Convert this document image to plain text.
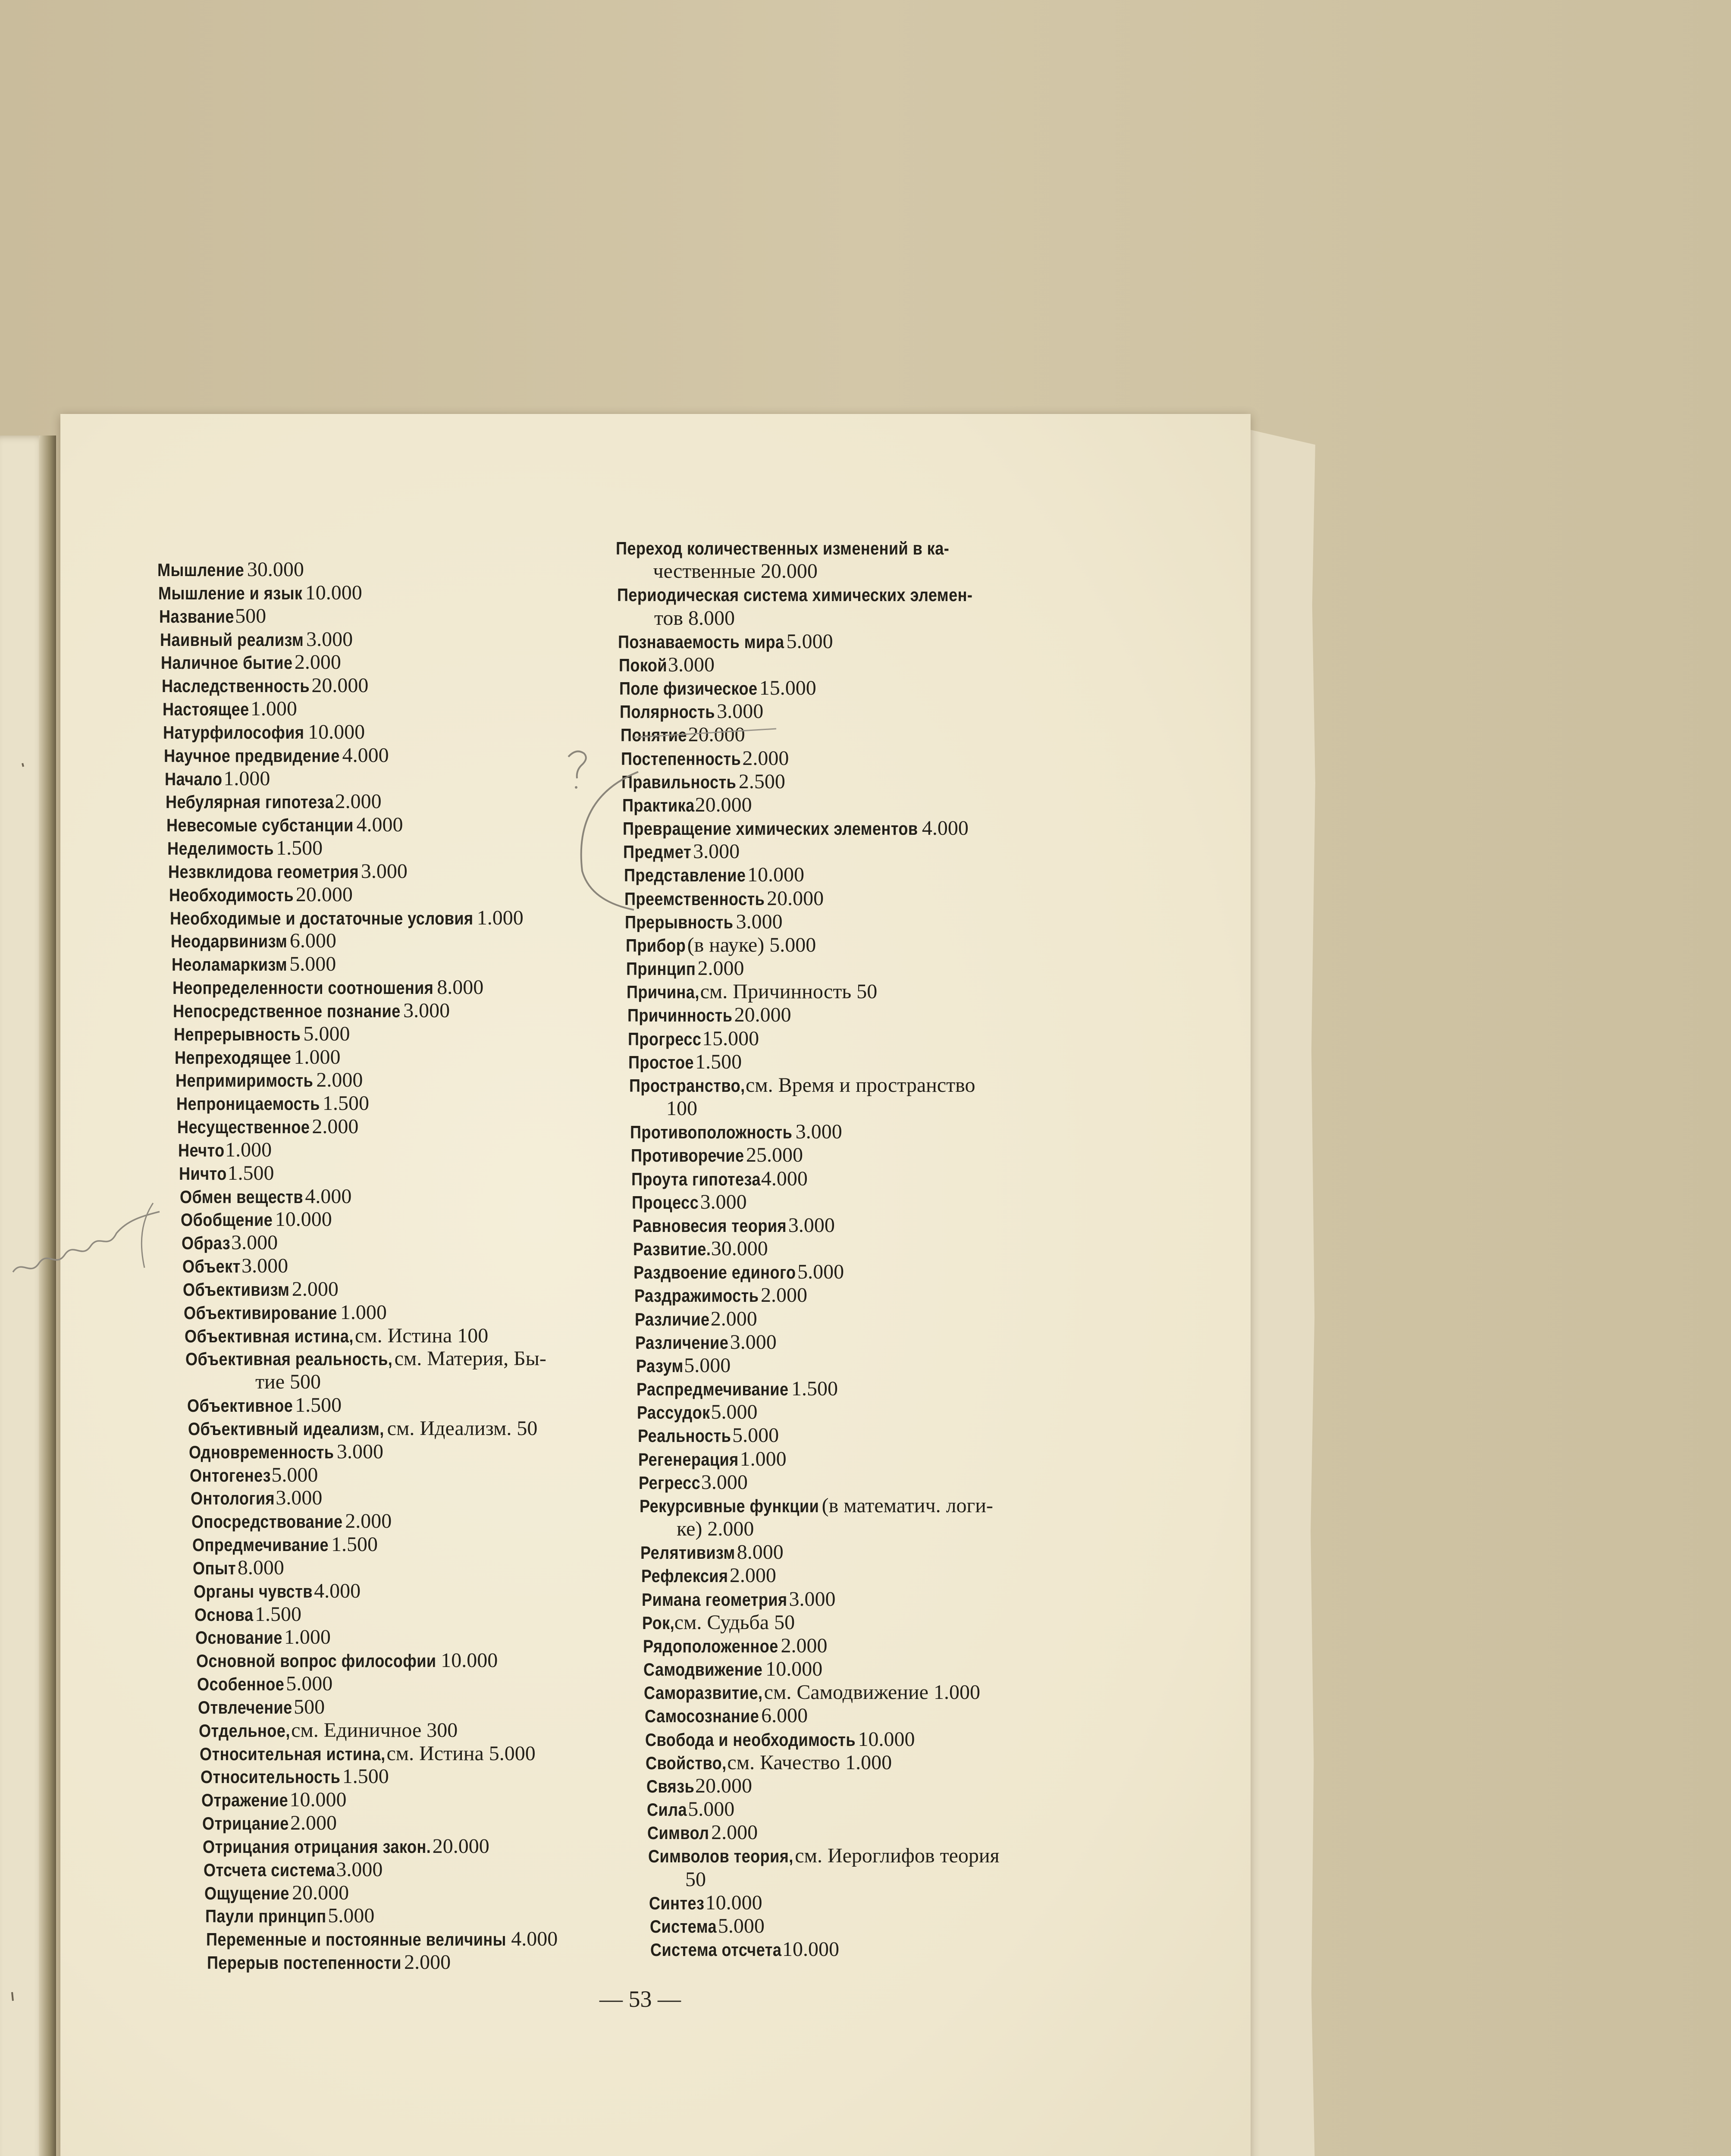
Мышление 30.000
Мышление и язык 10.000
Название500
Наивный реализм 3.000
Наличное бытие2.000
Наследственность 20.000
Настоящее1.000
Натурфилософия 10.000
Научное предвидение 4.000
Начало1.000
Небулярная гипотеза2.000
Невесомые субстанции 4.000
Неделимость 1.500
Незвклидова геометрия 3.000
Необходимость 20.000
Необходимые и достаточные условия 1.000
Неодарвинизм 6.000
Неоламаркизм 5.000
Неопределенности соотношения 8.000
Непосредственное познание 3.000
Непрерывность 5.000
Непреходящее 1.000
Непримиримость 2.000
Непроницаемость 1.500
Несущественное 2.000
Нечто1.000
Ничто1.500
Обмен веществ4.000
Обобщение 10.000
Образ3.000
Объект3.000
Объективизм 2.000
Объективирование 1.000
Объективная истина,см. Истина 100
Объективная реальность,см. Материя, Бы-
тие 500
Объективное 1.500
Объективный идеализм, см. Идеализм. 50
Одновременность 3.000
Онтогенез5.000
Онтология3.000
Опосредствование 2.000
Опредмечивание 1.500
Опыт8.000
Органы чувств4.000
Основа1.500
Основание1.000
Основной вопрос философии 10.000
Особенное5.000
Отвлечение500
Отдельное,см. Единичное 300
Относительная истина,см. Истина 5.000
Относительность1.500
Отражение10.000
Отрицание2.000
Отрицания отрицания закон.20.000
Отсчета система3.000
Ощущение 20.000
Паули принцип5.000
Переменные и постоянные величины 4.000
Перерыв постепенности 2.000
Переход количественных изменений в ка-
чественные 20.000
Периодическая система химических элемен-
тов 8.000
Познаваемость мира5.000
Покой3.000
Поле физическое15.000
Полярность3.000
Понятие20.000
Постепенность2.000
Правильность 2.500
Практика20.000
Превращение химических элементов 4.000
Предмет3.000
Представление10.000
Преемственность 20.000
Прерывность 3.000
Прибор(в науке) 5.000
Принцип2.000
Причина,см. Причинность 50
Причинность20.000
Прогресс15.000
Простое1.500
Пространство,см. Время и пространство
100
Противоположность 3.000
Противоречие25.000
Проута гипотеза4.000
Процесс3.000
Равновесия теория3.000
Развитие.30.000
Раздвоение единого5.000
Раздражимость 2.000
Различие2.000
Различение3.000
Разум5.000
Распредмечивание 1.500
Рассудок5.000
Реальность5.000
Регенерация1.000
Регресс3.000
Рекурсивные функции (в математич. логи-
ке) 2.000
Релятивизм8.000
Рефлексия2.000
Римана геометрия3.000
Рок,см. Судьба 50
Рядоположенное 2.000
Самодвижение 10.000
Саморазвитие,см. Самодвижение 1.000
Самосознание 6.000
Свобода и необходимость 10.000
Свойство,см. Качество 1.000
Связь20.000
Сила5.000
Символ2.000
Символов теория,см. Иероглифов теория
50
Синтез10.000
Система5.000
Система отсчета10.000
— 53 —
